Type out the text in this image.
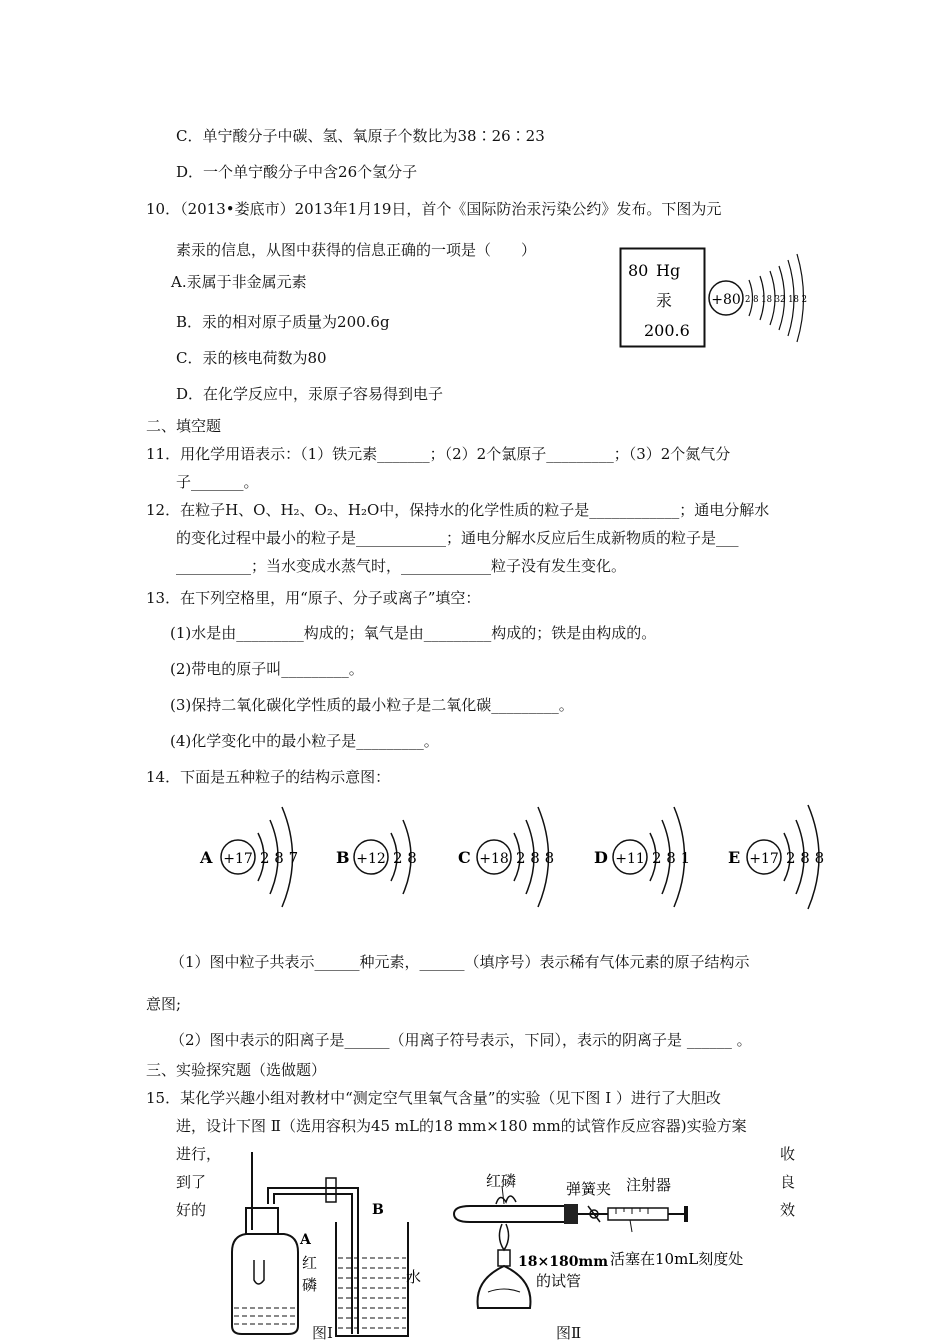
C．单宁酸分子中碳、氢、氧原子个数比为38∶26∶23
D．一个单宁酸分子中含26个氢分子
10．（2013•娄底市）2013年1月19日，首个《国际防治汞污染公约》发布。下图为元
素汞的信息，从图中获得的信息正确的一项是（　　）
A.汞属于非金属元素
B．汞的相对原子质量为200.6g
C．汞的核电荷数为80
D．在化学反应中，汞原子容易得到电子
80 Hg
汞
200.6
+80 2 8 18 32 18 2
二、填空题
11．用化学用语表示：（1）铁元素_______；（2）2个氯原子_________；（3）2个氮气分
子_______。
12．在粒子H、O、H₂、O₂、H₂O中，保持水的化学性质的粒子是____________；通电分解水
的变化过程中最小的粒子是____________；通电分解水反应后生成新物质的粒子是___
__________；当水变成水蒸气时，____________粒子没有发生变化。
13．在下列空格里，用“原子、分子或离子”填空：
(1)水是由_________构成的；氧气是由_________构成的；铁是由构成的。
(2)带电的原子叫_________。
(3)保持二氧化碳化学性质的最小粒子是二氧化碳_________。
(4)化学变化中的最小粒子是_________。
14．下面是五种粒子的结构示意图：
A +17 2 8 7 B +12 2 8	C +18 2 8 8 D +11 2 8 1 E +17 2 8 8
（1）图中粒子共表示______种元素，______（填序号）表示稀有气体元素的原子结构示
意图;
（2）图中表示的阳离子是______（用离子符号表示，下同），表示的阴离子是 ______ 。
三、实验探究题（选做题）
15．某化学兴趣小组对教材中“测定空气里氧气含量”的实验（见下图 Ⅰ ）进行了大胆改
进，设计下图 Ⅱ（选用容积为45 mL的18 mm×180 mm的试管作反应容器)实验方案
进行，
到了
好的
收
良
效
A
B
红
磷	水
图Ⅰ
红磷	弹簧夹 注射器
18×180mm
的试管
活塞在10mL刻度处
图Ⅱ
